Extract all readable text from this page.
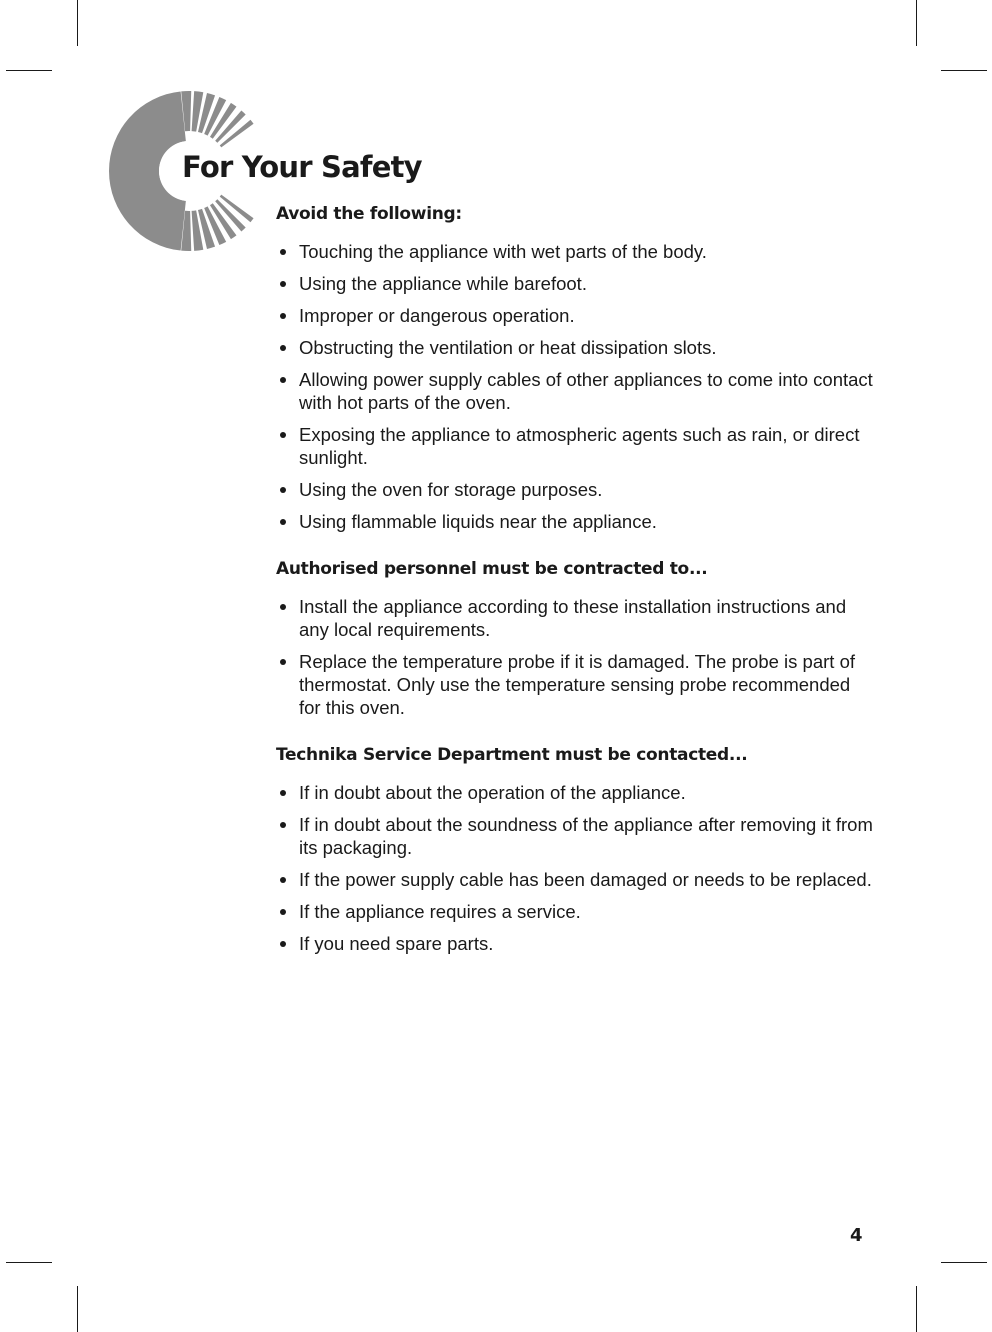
For Your Safety
Avoid the following:
Touching the appliance with wet parts of the body.
Using the appliance while barefoot.
Improper or dangerous operation.
Obstructing the ventilation or heat dissipation slots.
Allowing power supply cables of other appliances to come into contact with hot parts of the oven.
Exposing the appliance to atmospheric agents such as rain, or direct sunlight.
Using the oven for storage purposes.
Using flammable liquids near the appliance.
Authorised personnel must be contracted to...
Install the appliance according to these installation instructions and any local requirements.
Replace the temperature probe if it is damaged. The probe is part of thermostat. Only use the temperature sensing probe recommended for this oven.
Technika Service Department must be contacted...
If in doubt about the operation of the appliance.
If in doubt about the soundness of the appliance after removing it from its packaging.
If the power supply cable has been damaged or needs to be replaced.
If the appliance requires a service.
If you need spare parts.
4
